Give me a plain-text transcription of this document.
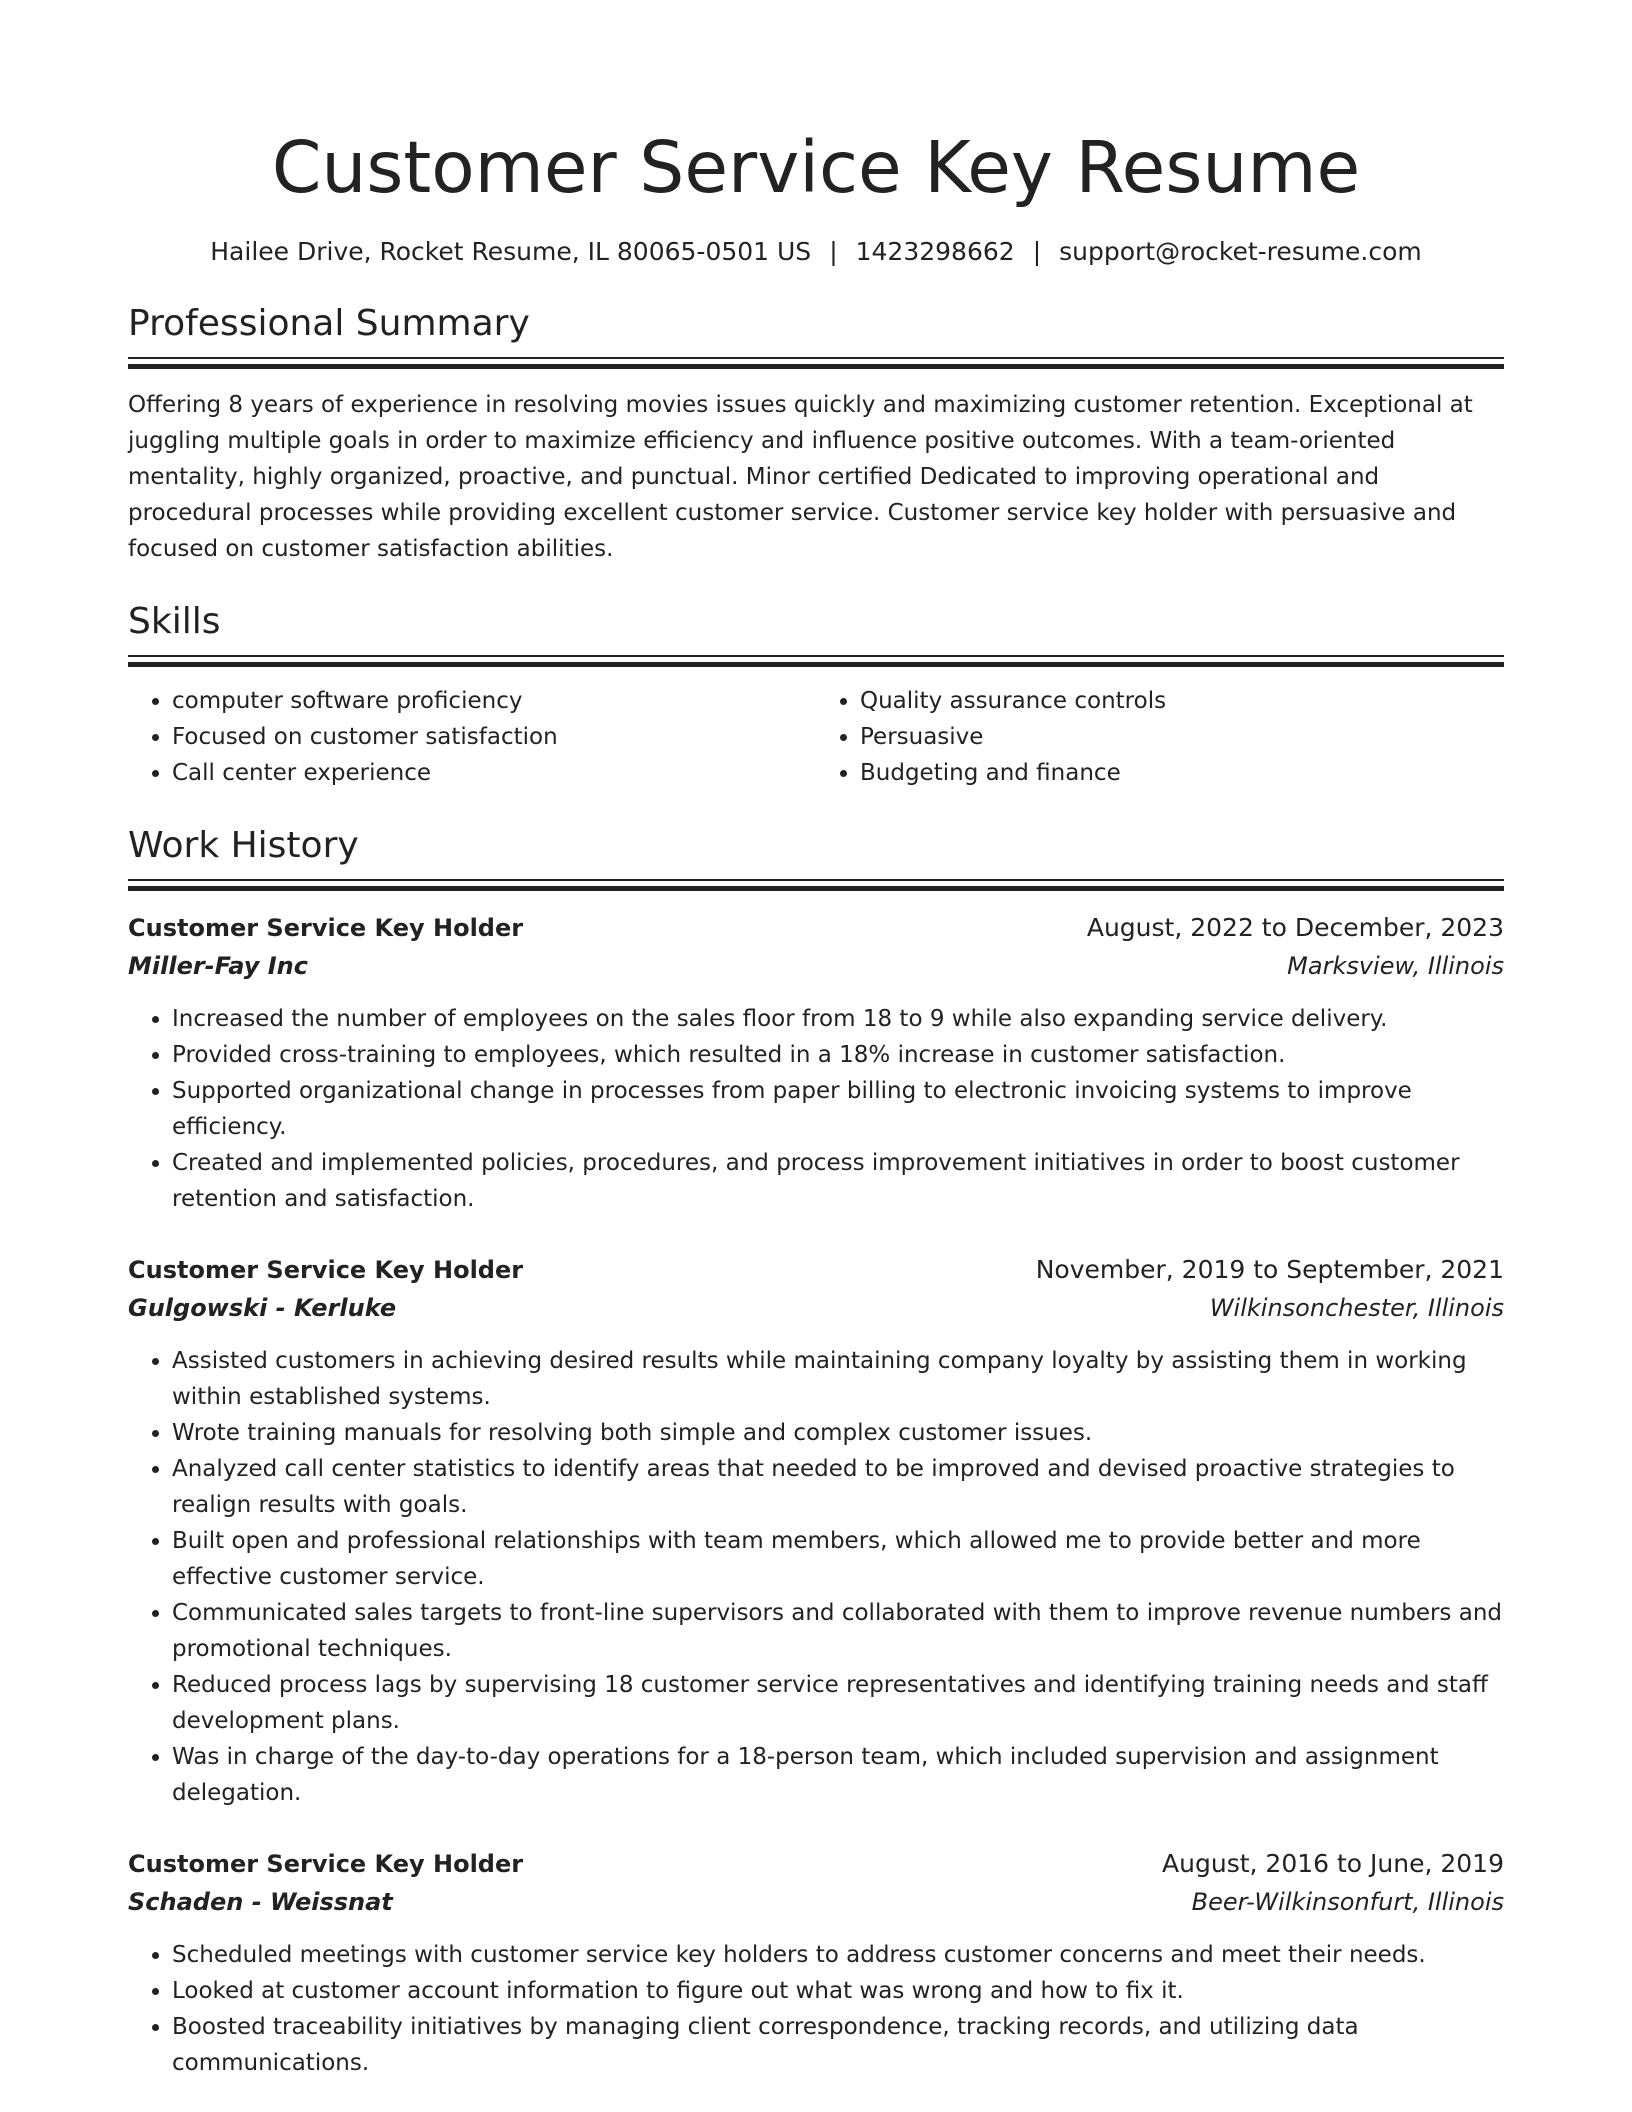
Customer Service Key Resume
Hailee Drive, Rocket Resume, IL 80065-0501 US | 1423298662 | support@rocket-resume.com
Professional Summary

Offering 8 years of experience in resolving movies issues quickly and maximizing customer retention. Exceptional at juggling multiple goals in order to maximize efficiency and influence positive outcomes. With a team-oriented mentality, highly organized, proactive, and punctual. Minor certified Dedicated to improving operational and procedural processes while providing excellent customer service. Customer service key holder with persuasive and focused on customer satisfaction abilities.

Skills
• computer software proficiency
• Focused on customer satisfaction
• Call center experience
• Quality assurance controls
• Persuasive
• Budgeting and finance
Work History
Customer Service Key Holder	August, 2022 to December, 2023
Miller-Fay Inc	Marksview, Illinois
• Increased the number of employees on the sales floor from 18 to 9 while also expanding service delivery.
• Provided cross-training to employees, which resulted in a 18% increase in customer satisfaction.
• Supported organizational change in processes from paper billing to electronic invoicing systems to improve efficiency.
• Created and implemented policies, procedures, and process improvement initiatives in order to boost customer retention and satisfaction.
Customer Service Key Holder	November, 2019 to September, 2021
Gulgowski - Kerluke	Wilkinsonchester, Illinois
• Assisted customers in achieving desired results while maintaining company loyalty by assisting them in working within established systems.
• Wrote training manuals for resolving both simple and complex customer issues.
• Analyzed call center statistics to identify areas that needed to be improved and devised proactive strategies to realign results with goals.
• Built open and professional relationships with team members, which allowed me to provide better and more effective customer service.
• Communicated sales targets to front-line supervisors and collaborated with them to improve revenue numbers and promotional techniques.
• Reduced process lags by supervising 18 customer service representatives and identifying training needs and staff development plans.
• Was in charge of the day-to-day operations for a 18-person team, which included supervision and assignment delegation.
Customer Service Key Holder	August, 2016 to June, 2019
Schaden - Weissnat	Beer-Wilkinsonfurt, Illinois
• Scheduled meetings with customer service key holders to address customer concerns and meet their needs.
• Looked at customer account information to figure out what was wrong and how to fix it.
• Boosted traceability initiatives by managing client correspondence, tracking records, and utilizing data communications.
